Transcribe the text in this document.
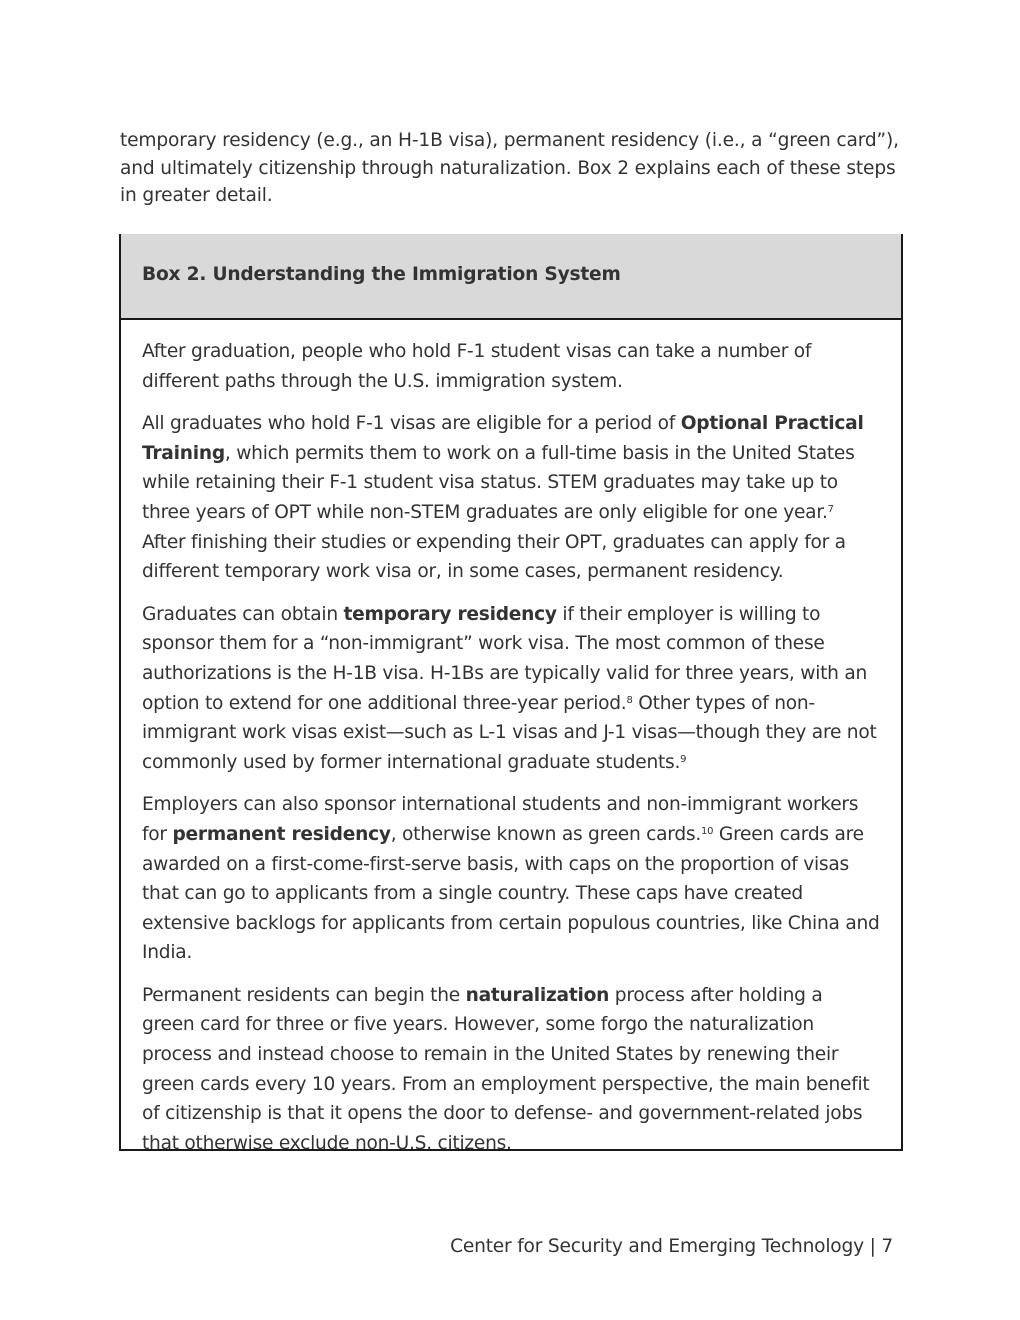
temporary residency (e.g., an H-1B visa), permanent residency (i.e., a “green card”), and ultimately citizenship through naturalization. Box 2 explains each of these steps in greater detail.
Box 2. Understanding the Immigration System

After graduation, people who hold F-1 student visas can take a number of different paths through the U.S. immigration system.

All graduates who hold F-1 visas are eligible for a period of Optional Practical Training, which permits them to work on a full-time basis in the United States while retaining their F-1 student visa status. STEM graduates may take up to three years of OPT while non-STEM graduates are only eligible for one year.$^7$ After finishing their studies or expending their OPT, graduates can apply for a different temporary work visa or, in some cases, permanent residency.

Graduates can obtain temporary residency if their employer is willing to sponsor them for a “non-immigrant” work visa. The most common of these authorizations is the H-1B visa. H-1Bs are typically valid for three years, with an option to extend for one additional three-year period.$^8$ Other types of non-immigrant work visas exist—such as L-1 visas and J-1 visas—though they are not commonly used by former international graduate students.$^9$

Employers can also sponsor international students and non-immigrant workers for permanent residency, otherwise known as green cards.$^{10}$ Green cards are awarded on a first-come-first-serve basis, with caps on the proportion of visas that can go to applicants from a single country. These caps have created extensive backlogs for applicants from certain populous countries, like China and India.

Permanent residents can begin the naturalization process after holding a green card for three or five years. However, some forgo the naturalization process and instead choose to remain in the United States by renewing their green cards every 10 years. From an employment perspective, the main benefit of citizenship is that it opens the door to defense- and government-related jobs that otherwise exclude non-U.S. citizens.

Center for Security and Emerging Technology | 7
